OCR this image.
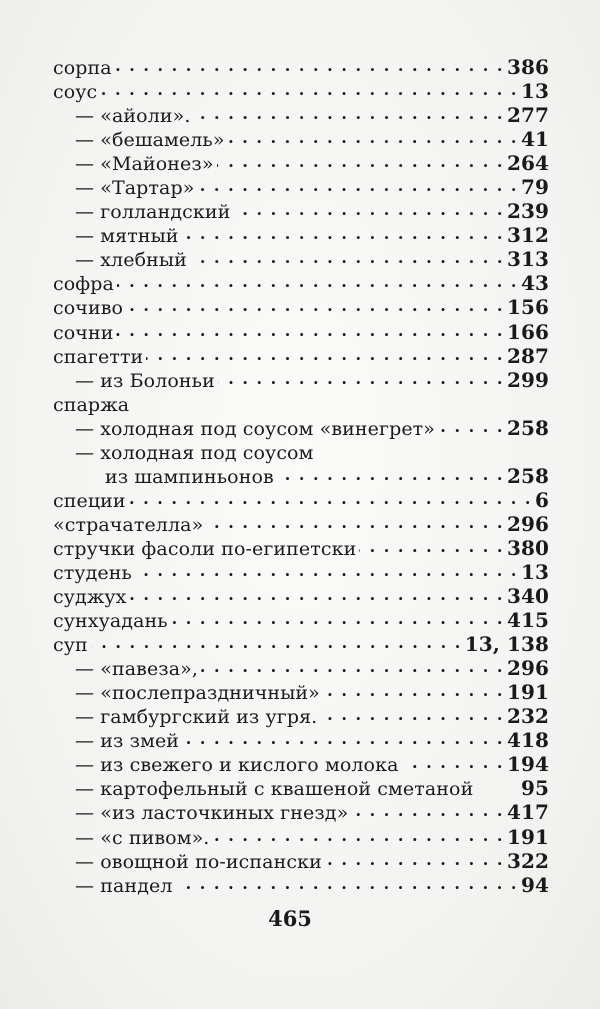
сорпа . . .	386
соус . . .	13
— «айоли». . . .	277
— «бешамель» . . .	41
— «Майонез» . . .	264
— «Тартар» . . .	79
— голландский . . .	239
— мятный . . .	312
— хлебный . . .	313
софра . . .	43
сочиво . . .	156
сочни . . .	166
спагетти . . .	287
— из Болоньи . . .	299
спаржа
— холодная под соусом «винегрет» . . .	258
— холодная под соусом
из шампиньонов . . .	258
специи . . .	6
«страчателла» . . .	296
стручки фасоли по-египетски . . .	380
студень . . .	13
суджух . . .	340
сунхуадань . . .	415
суп . . .	13, 138
— «павеза», . . .	296
— «послепраздничный» . . .	191
— гамбургский из угря. . . .	232
— из змей . . .	418
— из свежего и кислого молока . . .	194
— картофельный с квашеной сметаной 95
— «из ласточкиных гнезд» . . .	417
— «с пивом». . . .	191
— овощной по-испански . . .	322
— пандел . . .	94
465
